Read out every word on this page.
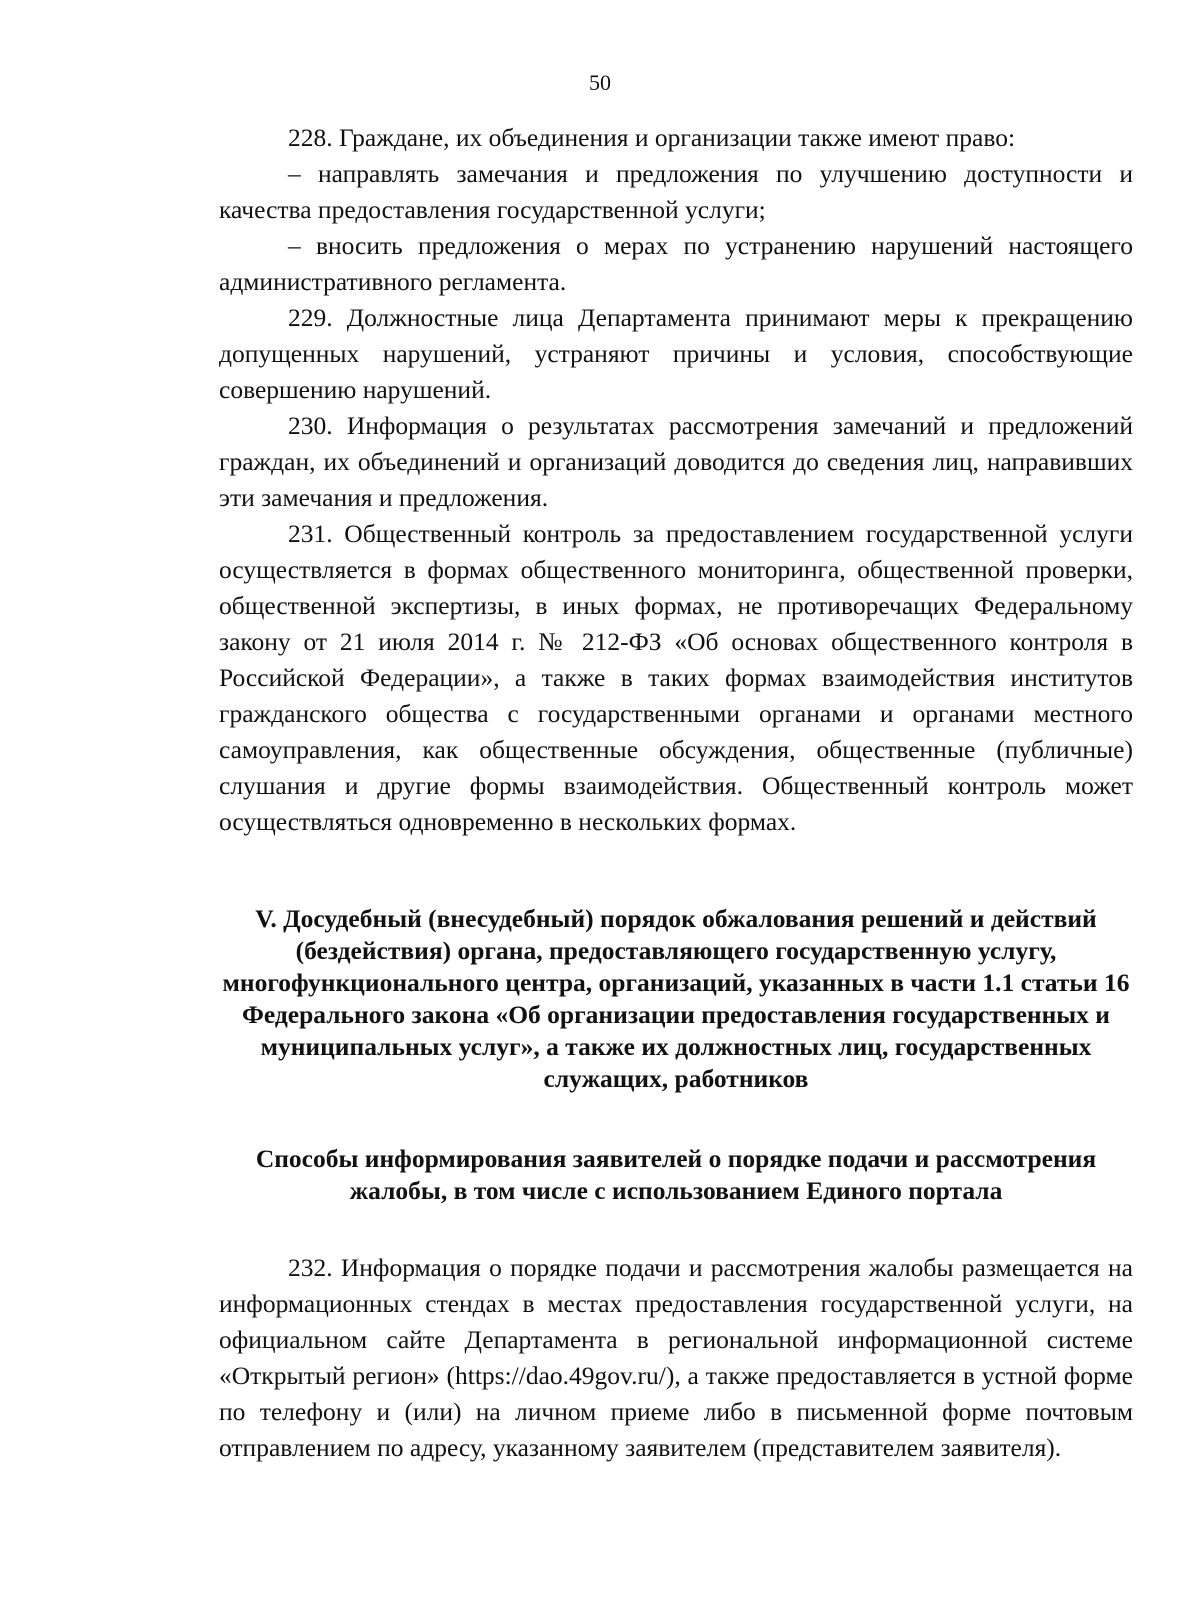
50

228. Граждане, их объединения и организации также имеют право:

– направлять замечания и предложения по улучшению доступности и качества предоставления государственной услуги;

– вносить предложения о мерах по устранению нарушений настоящего административного регламента.

229. Должностные лица Департамента принимают меры к прекращению допущенных нарушений, устраняют причины и условия, способствующие совершению нарушений.

230. Информация о результатах рассмотрения замечаний и предложений граждан, их объединений и организаций доводится до сведения лиц, направивших эти замечания и предложения.

231. Общественный контроль за предоставлением государственной услуги осуществляется в формах общественного мониторинга, общественной проверки, общественной экспертизы, в иных формах, не противоречащих Федеральному закону от 21 июля 2014 г. № 212-ФЗ «Об основах общественного контроля в Российской Федерации», а также в таких формах взаимодействия институтов гражданского общества с государственными органами и органами местного самоуправления, как общественные обсуждения, общественные (публичные) слушания и другие формы взаимодействия. Общественный контроль может осуществляться одновременно в нескольких формах.

V. Досудебный (внесудебный) порядок обжалования решений и действий (бездействия) органа, предоставляющего государственную услугу, многофункционального центра, организаций, указанных в части 1.1 статьи 16 Федерального закона «Об организации предоставления государственных и муниципальных услуг», а также их должностных лиц, государственных служащих, работников
Способы информирования заявителей о порядке подачи и рассмотрения жалобы, в том числе с использованием Единого портала

232. Информация о порядке подачи и рассмотрения жалобы размещается на информационных стендах в местах предоставления государственной услуги, на официальном сайте Департамента в региональной информационной системе «Открытый регион» (https://dao.49gov.ru/), а также предоставляется в устной форме по телефону и (или) на личном приеме либо в письменной форме почтовым отправлением по адресу, указанному заявителем (представителем заявителя).
